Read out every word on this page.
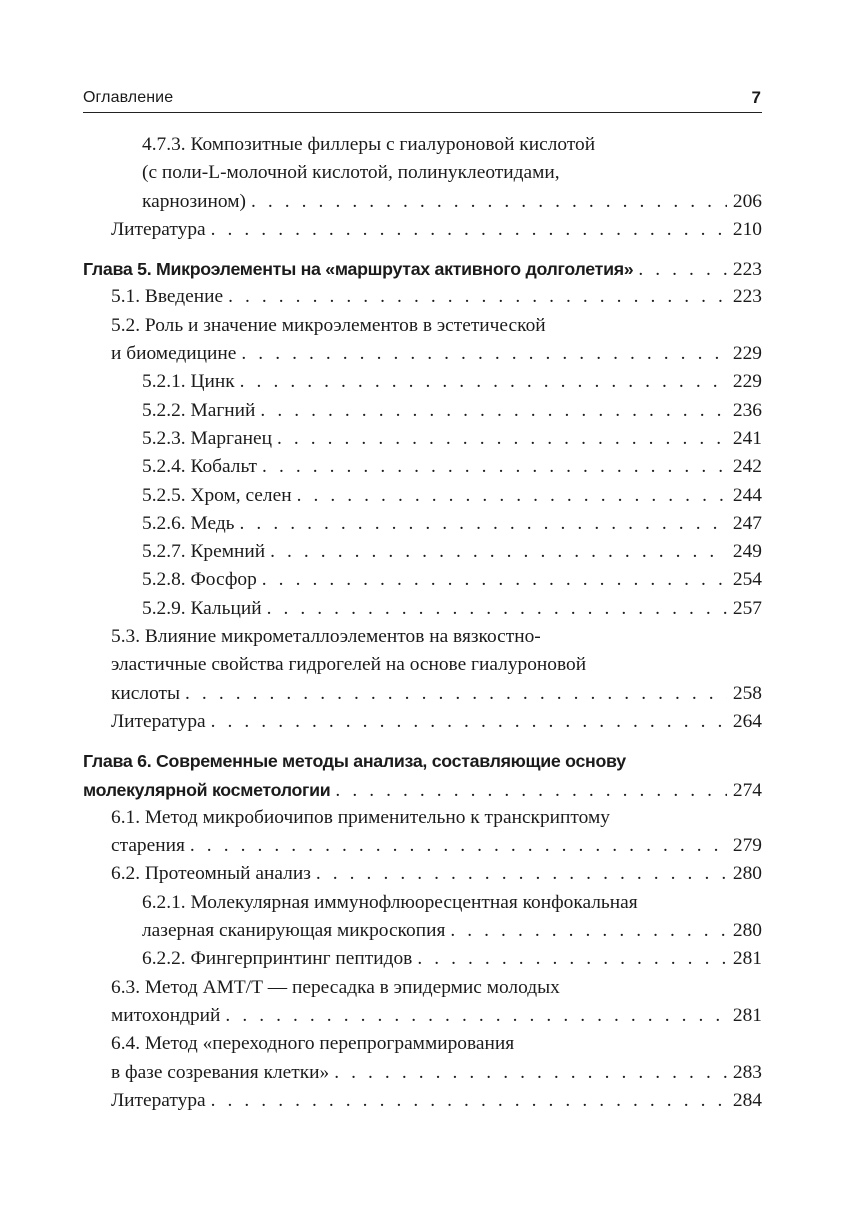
Оглавление	7
4.7.3. Композитные филлеры с гиалуроновой кислотой
(с поли-L-молочной кислотой, полинуклеотидами,
карнозином) . . .	206
Литература . . .	210
Глава 5. Микроэлементы на «маршрутах активного долголетия» . . .	223
5.1. Введение . . .	223
5.2. Роль и значение микроэлементов в эстетической
и биомедицине . . .	229
5.2.1. Цинк . . .	229
5.2.2. Магний . . .	236
5.2.3. Марганец . . .	241
5.2.4. Кобальт . . .	242
5.2.5. Хром, селен . . .	244
5.2.6. Медь . . .	247
5.2.7. Кремний . . .	249
5.2.8. Фосфор . . .	254
5.2.9. Кальций . . .	257
5.3. Влияние микрометаллоэлементов на вязкостно-
эластичные свойства гидрогелей на основе гиалуроновой
кислоты . . .	258
Литература . . .	264
Глава 6. Современные методы анализа, составляющие основу
молекулярной косметологии . . .	274
6.1. Метод микробиочипов применительно к транскриптому
старения . . .	279
6.2. Протеомный анализ . . .	280
6.2.1. Молекулярная иммунофлюоресцентная конфокальная
лазерная сканирующая микроскопия . . .	280
6.2.2. Фингерпринтинг пептидов . . .	281
6.3. Метод АМТ/Т — пересадка в эпидермис молодых
митохондрий . . .	281
6.4. Метод «переходного перепрограммирования
в фазе созревания клетки» . . .	283
Литература . . .	284
